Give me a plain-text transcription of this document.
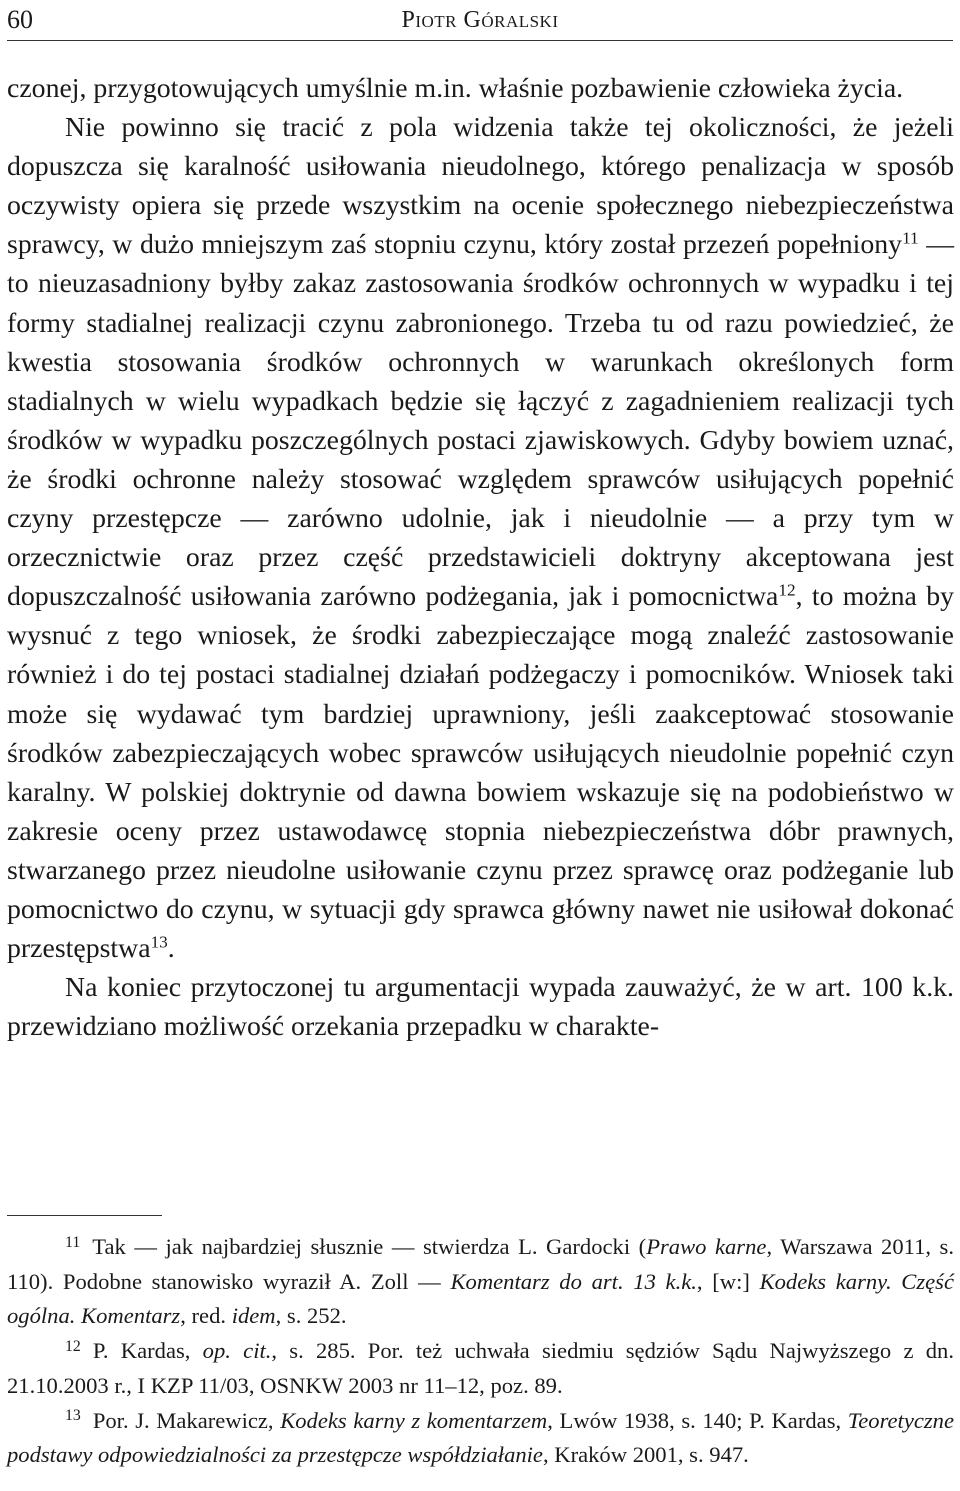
60	Piotr Góralski

czonej, przygotowujących umyślnie m.in. właśnie pozbawienie człowieka życia.

Nie powinno się tracić z pola widzenia także tej okoliczności, że jeżeli dopuszcza się karalność usiłowania nieudolnego, którego penalizacja w sposób oczywisty opiera się przede wszystkim na ocenie społecznego niebezpieczeństwa sprawcy, w dużo mniejszym zaś stopniu czynu, który został przezeń popełniony$^{11}$ — to nieuzasadniony byłby zakaz zastosowania środków ochronnych w wypadku i tej formy stadialnej realizacji czynu zabronionego. Trzeba tu od razu powiedzieć, że kwestia stosowania środków ochronnych w warunkach określonych form stadialnych w wielu wypadkach będzie się łączyć z zagadnieniem realizacji tych środków w wypadku poszczególnych postaci zjawiskowych. Gdyby bowiem uznać, że środki ochronne należy stosować względem sprawców usiłujących popełnić czyny przestępcze — zarówno udolnie, jak i nieudolnie — a przy tym w orzecznictwie oraz przez część przedstawicieli doktryny akceptowana jest dopuszczalność usiłowania zarówno podżegania, jak i pomocnictwa$^{12}$, to można by wysnuć z tego wniosek, że środki zabezpieczające mogą znaleźć zastosowanie również i do tej postaci stadialnej działań podżegaczy i pomocników. Wniosek taki może się wydawać tym bardziej uprawniony, jeśli zaakceptować stosowanie środków zabezpieczających wobec sprawców usiłujących nieudolnie popełnić czyn karalny. W polskiej doktrynie od dawna bowiem wskazuje się na podobieństwo w zakresie oceny przez ustawodawcę stopnia niebezpieczeństwa dóbr prawnych, stwarzanego przez nieudolne usiłowanie czynu przez sprawcę oraz podżeganie lub pomocnictwo do czynu, w sytuacji gdy sprawca główny nawet nie usiłował dokonać przestępstwa$^{13}$.

Na koniec przytoczonej tu argumentacji wypada zauważyć, że w art. 100 k.k. przewidziano możliwość orzekania przepadku w charakte-

$^{11}$ Tak — jak najbardziej słusznie — stwierdza L. Gardocki (Prawo karne, Warszawa 2011, s. 110). Podobne stanowisko wyraził A. Zoll — Komentarz do art. 13 k.k., [w:] Kodeks karny. Część ogólna. Komentarz, red. idem, s. 252.

$^{12}$ P. Kardas, op. cit., s. 285. Por. też uchwała siedmiu sędziów Sądu Najwyższego z dn. 21.10.2003 r., I KZP 11/03, OSNKW 2003 nr 11–12, poz. 89.

$^{13}$ Por. J. Makarewicz, Kodeks karny z komentarzem, Lwów 1938, s. 140; P. Kardas, Teoretyczne podstawy odpowiedzialności za przestępcze współdziałanie, Kraków 2001, s. 947.
